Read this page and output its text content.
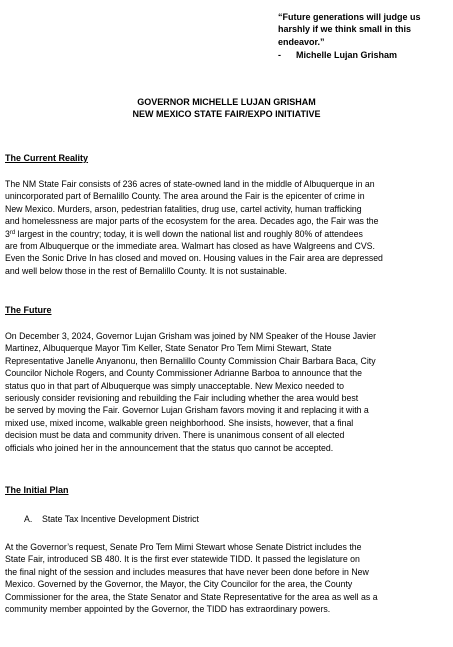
“Future generations will judge us
harshly if we think small in this
endeavor.”
-	Michelle Lujan Grisham
GOVERNOR MICHELLE LUJAN GRISHAM
NEW MEXICO STATE FAIR/EXPO INITIATIVE
The Current Reality
The NM State Fair consists of 236 acres of state-owned land in the middle of Albuquerque in an
unincorporated part of Bernalillo County. The area around the Fair is the epicenter of crime in
New Mexico. Murders, arson, pedestrian fatalities, drug use, cartel activity, human trafficking
and homelessness are major parts of the ecosystem for the area. Decades ago, the Fair was the
3rd largest in the country; today, it is well down the national list and roughly 80% of attendees
are from Albuquerque or the immediate area. Walmart has closed as have Walgreens and CVS.
Even the Sonic Drive In has closed and moved on. Housing values in the Fair area are depressed
and well below those in the rest of Bernalillo County. It is not sustainable.
The Future
On December 3, 2024, Governor Lujan Grisham was joined by NM Speaker of the House Javier
Martinez, Albuquerque Mayor Tim Keller, State Senator Pro Tem Mimi Stewart, State
Representative Janelle Anyanonu, then Bernalillo County Commission Chair Barbara Baca, City
Councilor Nichole Rogers, and County Commissioner Adrianne Barboa to announce that the
status quo in that part of Albuquerque was simply unacceptable. New Mexico needed to
seriously consider revisioning and rebuilding the Fair including whether the area would best
be served by moving the Fair. Governor Lujan Grisham favors moving it and replacing it with a
mixed use, mixed income, walkable green neighborhood. She insists, however, that a final
decision must be data and community driven. There is unanimous consent of all elected
officials who joined her in the announcement that the status quo cannot be accepted.
The Initial Plan
A.	State Tax Incentive Development District
At the Governor’s request, Senate Pro Tem Mimi Stewart whose Senate District includes the
State Fair, introduced SB 480. It is the first ever statewide TIDD. It passed the legislature on
the final night of the session and includes measures that have never been done before in New
Mexico. Governed by the Governor, the Mayor, the City Councilor for the area, the County
Commissioner for the area, the State Senator and State Representative for the area as well as a
community member appointed by the Governor, the TIDD has extraordinary powers.
